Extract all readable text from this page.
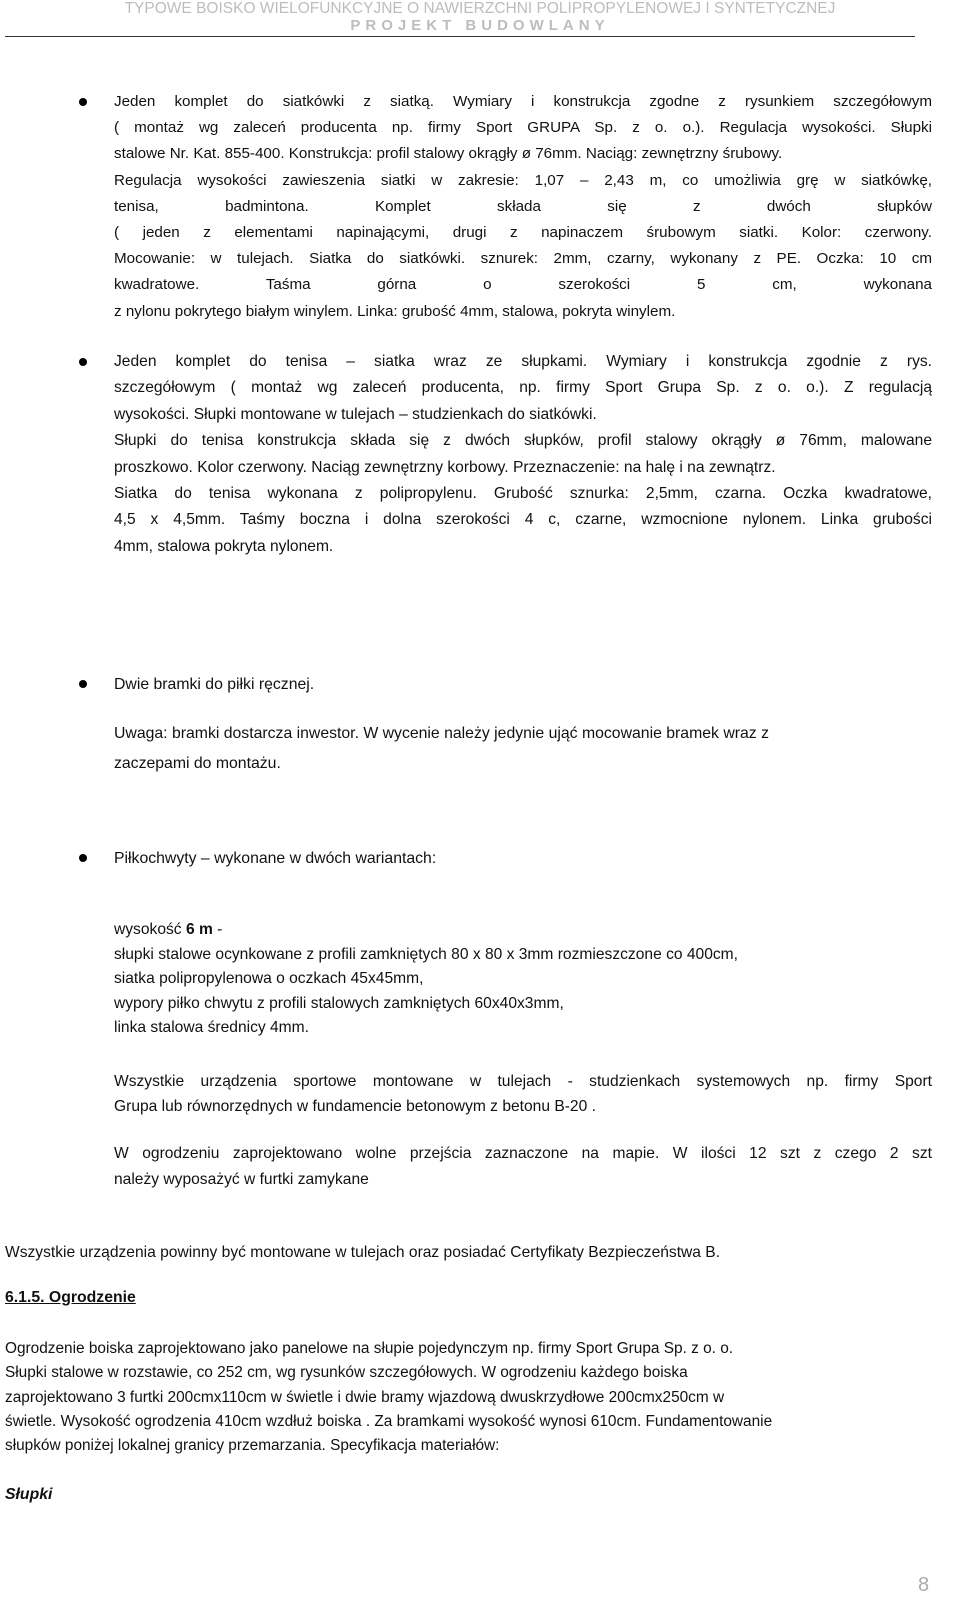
TYPOWE BOISKO WIELOFUNKCYJNE O NAWIERZCHNI POLIPROPYLENOWEJ I SYNTETYCZNEJ
PROJEKT BUDOWLANY
Jeden komplet do siatkówki z siatką. Wymiary i konstrukcja zgodne z rysunkiem szczegółowym
( montaż wg zaleceń producenta np. firmy Sport GRUPA Sp. z o. o.). Regulacja wysokości. Słupki
stalowe Nr. Kat. 855-400. Konstrukcja: profil stalowy okrągły ø 76mm. Naciąg: zewnętrzny śrubowy.
Regulacja wysokości zawieszenia siatki w zakresie: 1,07 – 2,43 m, co umożliwia grę w siatkówkę,
tenisa, badmintona. Komplet składa się z dwóch słupków
( jeden z elementami napinającymi, drugi z napinaczem śrubowym siatki. Kolor: czerwony.
Mocowanie: w tulejach. Siatka do siatkówki. sznurek: 2mm, czarny, wykonany z PE. Oczka: 10 cm
kwadratowe. Taśma górna o szerokości 5 cm, wykonana
z nylonu pokrytego białym winylem. Linka: grubość 4mm, stalowa, pokryta winylem.
Jeden komplet do tenisa – siatka wraz ze słupkami. Wymiary i konstrukcja zgodnie z rys.
szczegółowym ( montaż wg zaleceń producenta, np. firmy Sport Grupa Sp. z o. o.). Z regulacją
wysokości. Słupki montowane w tulejach – studzienkach do siatkówki.
Słupki do tenisa konstrukcja składa się z dwóch słupków, profil stalowy okrągły ø 76mm, malowane
proszkowo. Kolor czerwony. Naciąg zewnętrzny korbowy. Przeznaczenie: na halę i na zewnątrz.
Siatka do tenisa wykonana z polipropylenu. Grubość sznurka: 2,5mm, czarna. Oczka kwadratowe,
4,5 x 4,5mm. Taśmy boczna i dolna szerokości 4 c, czarne, wzmocnione nylonem. Linka grubości
4mm, stalowa pokryta nylonem.
Dwie bramki do piłki ręcznej.
Uwaga: bramki dostarcza inwestor. W wycenie należy jedynie ująć mocowanie bramek wraz z
zaczepami do montażu.
Piłkochwyty – wykonane w dwóch wariantach:
wysokość 6 m -
słupki stalowe ocynkowane z profili zamkniętych 80 x 80 x 3mm rozmieszczone co 400cm,
siatka polipropylenowa o oczkach 45x45mm,
wypory piłko chwytu z profili stalowych zamkniętych 60x40x3mm,
linka stalowa średnicy 4mm.
Wszystkie urządzenia sportowe montowane w tulejach - studzienkach systemowych np. firmy Sport
Grupa lub równorzędnych w fundamencie betonowym z betonu B-20 .
W ogrodzeniu zaprojektowano wolne przejścia zaznaczone na mapie. W ilości 12 szt z czego 2 szt
należy wyposażyć w furtki zamykane
Wszystkie urządzenia powinny być montowane w tulejach oraz posiadać Certyfikaty Bezpieczeństwa B.
6.1.5. Ogrodzenie
Ogrodzenie boiska zaprojektowano jako panelowe na słupie pojedynczym np. firmy Sport Grupa Sp. z o. o.
Słupki stalowe w rozstawie, co 252 cm, wg rysunków szczegółowych. W ogrodzeniu każdego boiska
zaprojektowano 3 furtki 200cmx110cm w świetle i dwie bramy wjazdową dwuskrzydłowe 200cmx250cm w
świetle. Wysokość ogrodzenia 410cm wzdłuż boiska . Za bramkami wysokość wynosi 610cm. Fundamentowanie
słupków poniżej lokalnej granicy przemarzania. Specyfikacja materiałów:
Słupki
8
